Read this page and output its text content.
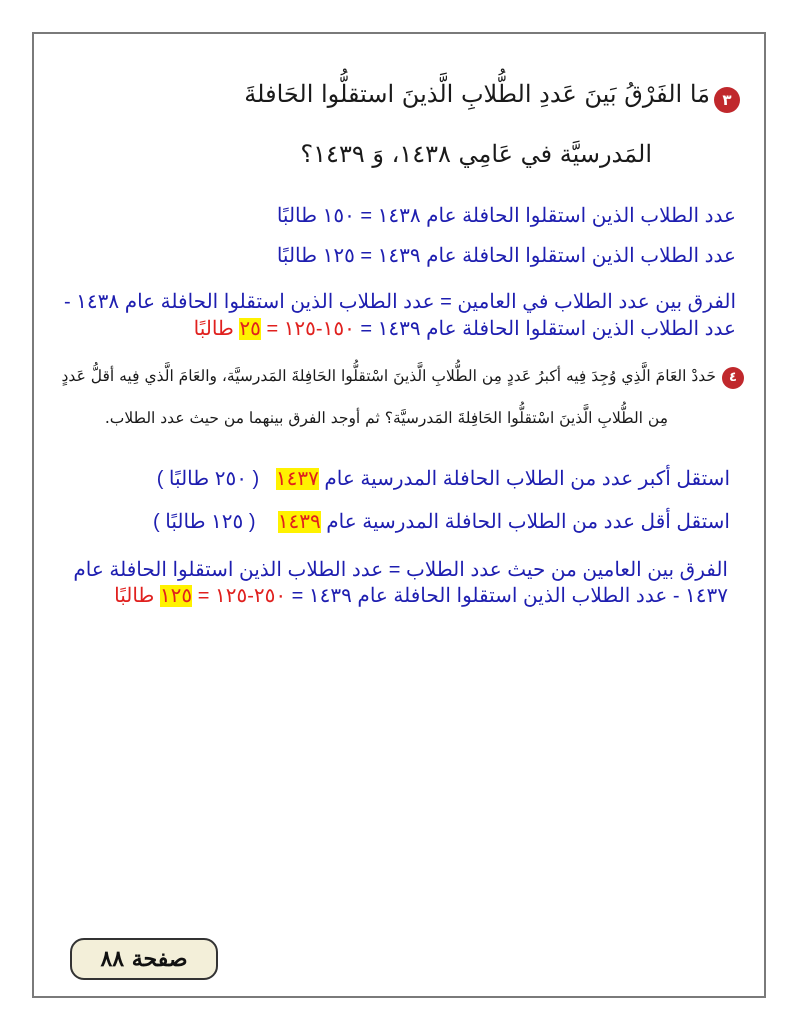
٣
مَا الفَرْقُ بَينَ عَددِ الطُّلابِ الَّذينَ استقلُّوا الحَافلةَ
المَدرسيَّة في عَامِي ١٤٣٨، وَ ١٤٣٩؟
عدد الطلاب الذين استقلوا الحافلة عام ١٤٣٨ = ١٥٠ طالبًا
عدد الطلاب الذين استقلوا الحافلة عام ١٤٣٩ = ١٢٥ طالبًا
الفرق بين عدد الطلاب في العامين = عدد الطلاب الذين استقلوا الحافلة عام ١٤٣٨ -
عدد الطلاب الذين استقلوا الحافلة عام ١٤٣٩ = ١٥٠-١٢٥ = ٢٥ طالبًا
٤
حَددْ العَامَ الَّذِي وُجِدَ فِيه أكبرُ عَددٍ مِن الطُّلابِ الَّذينَ اسْتقلُّوا الحَافِلةَ المَدرسيَّة، والعَامَ الَّذي فِيه أقلُّ عَددٍ
مِن الطُّلابِ الَّذينَ اسْتقلُّوا الحَافِلةَ المَدرسيَّة؟ ثم أوجد الفرق بينهما من حيث عدد الطلاب.
استقل أكبر عدد من الطلاب الحافلة المدرسية عام ١٤٣٧   ( ٢٥٠ طالبًا )
استقل أقل عدد من الطلاب الحافلة المدرسية عام ١٤٣٩    ( ١٢٥ طالبًا )
الفرق بين العامين من حيث عدد الطلاب = عدد الطلاب الذين استقلوا الحافلة عام
١٤٣٧ - عدد الطلاب الذين استقلوا الحافلة عام ١٤٣٩ = ٢٥٠-١٢٥ = ١٢٥ طالبًا
صفحة ٨٨
